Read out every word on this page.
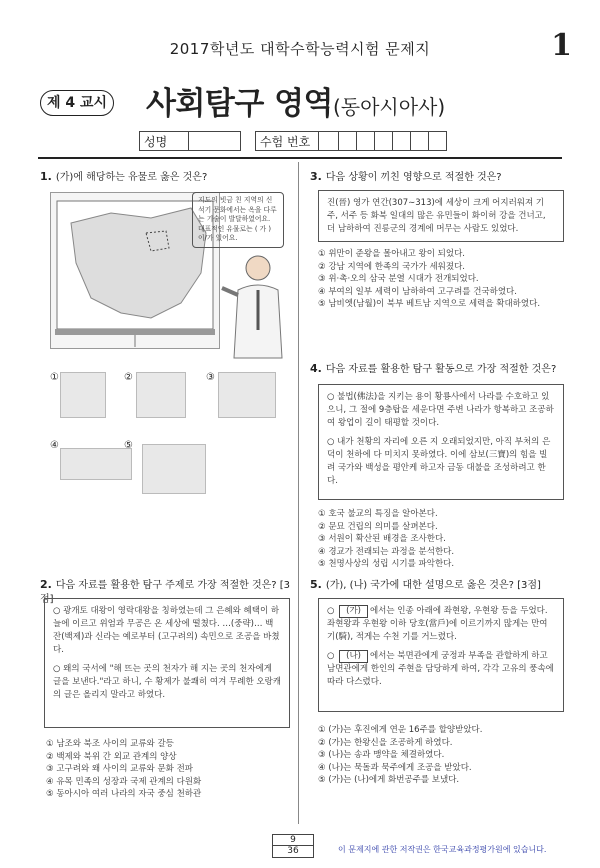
2017학년도 대학수학능력시험 문제지	1
제 4 교시 사회탐구 영역(동아시아사)
성명	수험 번호
1. (가)에 해당하는 유물로 옳은 것은?
지도의 빗금 친 지역의 신석기 문화에서는 옥을 다루는 기술이 발달하였어요. 대표적인 유물로는 ( 가 ) 이/가 있어요.
①	②	③
④	⑤
2. 다음 자료를 활용한 탐구 주제로 가장 적절한 것은? [3점]
○ 광개토 대왕이 영락대왕을 칭하였는데 그 은혜와 혜택이 하늘에 이르고 위엄과 무공은 온 세상에 떨쳤다. …(중략)… 백잔(백제)과 신라는 예로부터 (고구려의) 속민으로 조공을 바쳤다.
○ 왜의 국서에 "해 뜨는 곳의 천자가 해 지는 곳의 천자에게 글을 보낸다."라고 하니, 수 황제가 불쾌히 여겨 무례한 오랑캐의 글은 올리지 말라고 하였다.
① 남조와 북조 사이의 교류와 갈등
② 백제와 북위 간 외교 관계의 양상
③ 고구려와 왜 사이의 교류와 문화 전파
④ 유목 민족의 성장과 국제 관계의 다원화
⑤ 동아시아 여러 나라의 자국 중심 천하관
3. 다음 상황이 끼친 영향으로 적절한 것은?
진(晉) 영가 연간(307∼313)에 세상이 크게 어지러워져 기주, 서주 등 화북 일대의 많은 유민들이 화이허 강을 건너고, 더 남하하여 진릉군의 경계에 머무는 사람도 있었다.
① 위만이 준왕을 몰아내고 왕이 되었다.
② 강남 지역에 한족의 국가가 세워졌다.
③ 위·촉·오의 삼국 분열 시대가 전개되었다.
④ 부여의 일부 세력이 남하하여 고구려를 건국하였다.
⑤ 남비엣(남월)이 북부 베트남 지역으로 세력을 확대하였다.
4. 다음 자료를 활용한 탐구 활동으로 가장 적절한 것은?
○ 불법(佛法)을 지키는 용이 황룡사에서 나라를 수호하고 있으니, 그 절에 9층탑을 세운다면 주변 나라가 항복하고 조공하여 왕업이 길이 태평할 것이다.
○ 내가 천황의 자리에 오른 지 오래되었지만, 아직 부처의 은덕이 천하에 다 미치지 못하였다. 이에 삼보(三寶)의 힘을 빌려 국가와 백성을 평안케 하고자 금동 대불을 조성하려고 한다.
① 호국 불교의 특징을 알아본다.
② 문묘 건립의 의미를 살펴본다.
③ 서원이 확산된 배경을 조사한다.
④ 경교가 전래되는 과정을 분석한다.
⑤ 천명사상의 성립 시기를 파악한다.
5. (가), (나) 국가에 대한 설명으로 옳은 것은? [3점]
○ (가) 에서는 인종 아래에 좌현왕, 우현왕 등을 두었다. 좌현왕과 우현왕 이하 당호(當戶)에 이르기까지 많게는 만여 기(騎), 적게는 수천 기를 거느렸다.
○ (나) 에서는 북면관에게 궁정과 부족을 관할하게 하고 남면관에게 한인의 주현을 담당하게 하여, 각각 고유의 풍속에 따라 다스렸다.
① (가)는 후진에게 연운 16주를 할양받았다.
② (가)는 한왕신을 조공하게 하였다.
③ (나)는 송과 맹약을 체결하였다.
④ (나)는 묵돌과 묵주에게 조공을 받았다.
⑤ (가)는 (나)에게 화번공주를 보냈다.
9
36	이 문제지에 관한 저작권은 한국교육과정평가원에 있습니다.
